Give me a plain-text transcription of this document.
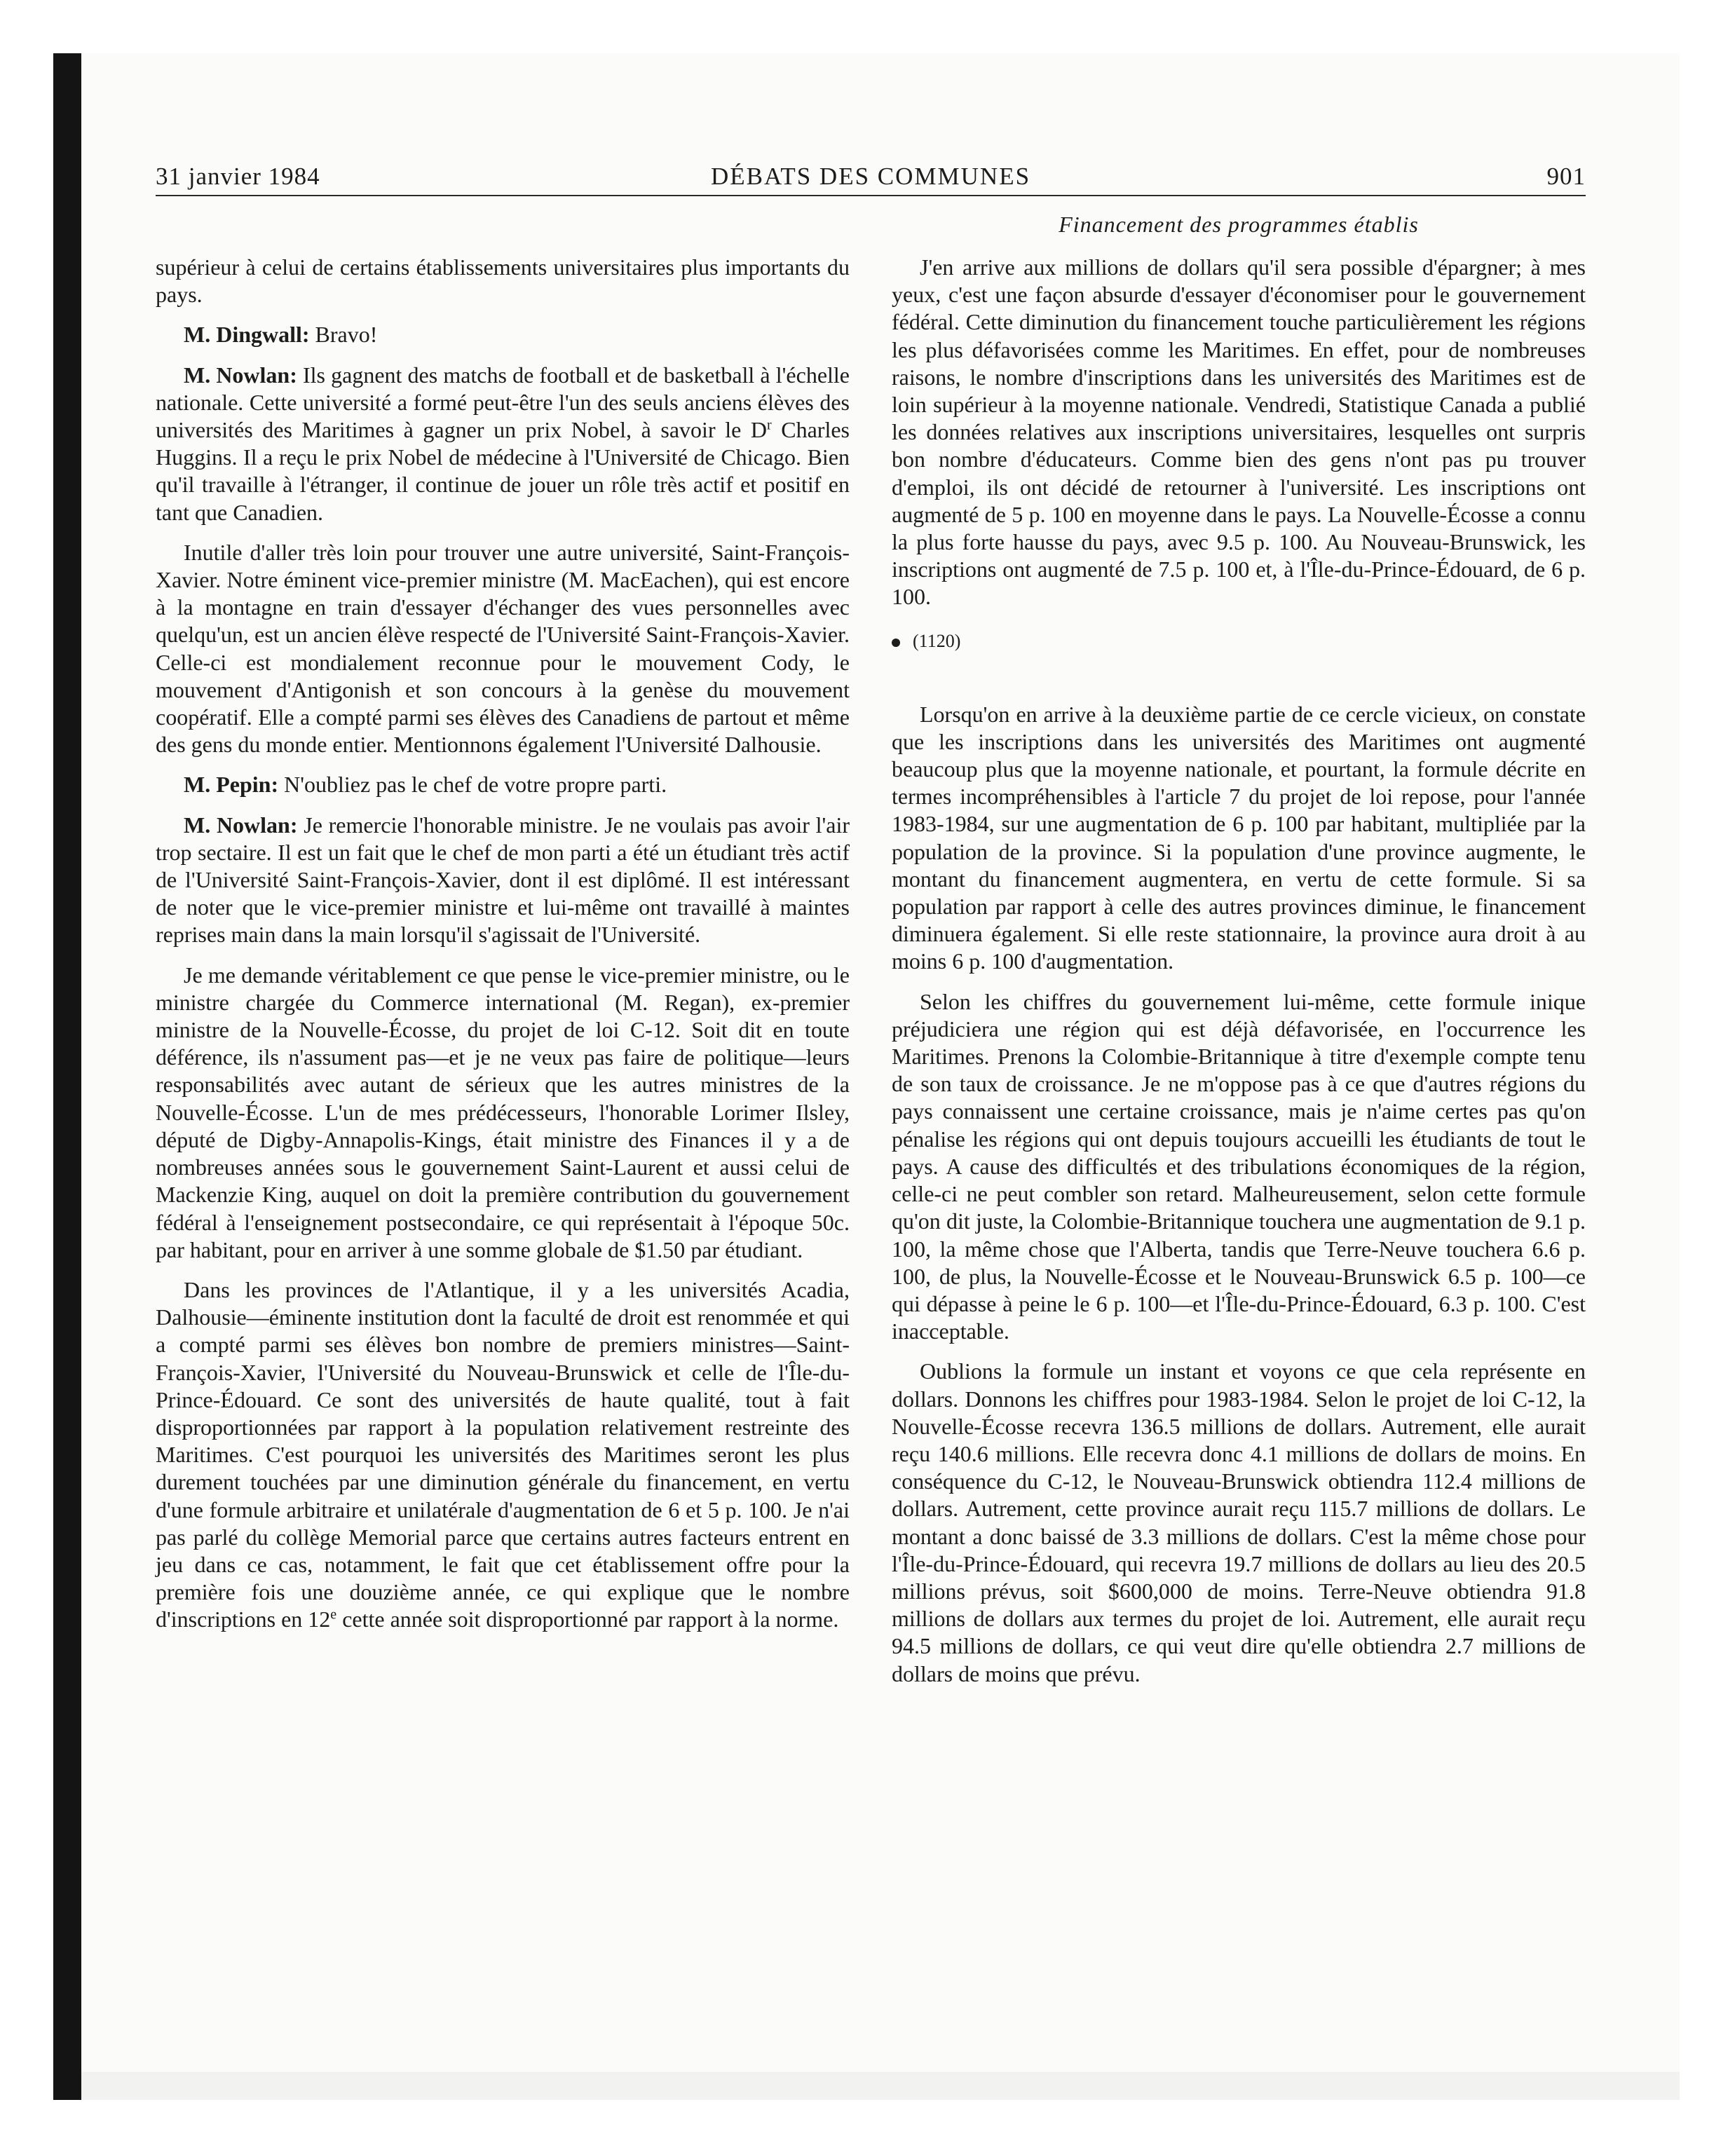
31 janvier 1984	DÉBATS DES COMMUNES	901
Financement des programmes établis

supérieur à celui de certains établissements universitaires plus importants du pays.

M. Dingwall: Bravo!

M. Nowlan: Ils gagnent des matchs de football et de basketball à l'échelle nationale. Cette université a formé peut-être l'un des seuls anciens élèves des universités des Maritimes à gagner un prix Nobel, à savoir le $D^r$ Charles Huggins. Il a reçu le prix Nobel de médecine à l'Université de Chicago. Bien qu'il travaille à l'étranger, il continue de jouer un rôle très actif et positif en tant que Canadien.

Inutile d'aller très loin pour trouver une autre université, Saint-François-Xavier. Notre éminent vice-premier ministre (M. MacEachen), qui est encore à la montagne en train d'essayer d'échanger des vues personnelles avec quelqu'un, est un ancien élève respecté de l'Université Saint-François-Xavier. Celle-ci est mondialement reconnue pour le mouvement Cody, le mouvement d'Antigonish et son concours à la genèse du mouvement coopératif. Elle a compté parmi ses élèves des Canadiens de partout et même des gens du monde entier. Mentionnons également l'Université Dalhousie.

M. Pepin: N'oubliez pas le chef de votre propre parti.

M. Nowlan: Je remercie l'honorable ministre. Je ne voulais pas avoir l'air trop sectaire. Il est un fait que le chef de mon parti a été un étudiant très actif de l'Université Saint-François-Xavier, dont il est diplômé. Il est intéressant de noter que le vice-premier ministre et lui-même ont travaillé à maintes reprises main dans la main lorsqu'il s'agissait de l'Université.

Je me demande véritablement ce que pense le vice-premier ministre, ou le ministre chargée du Commerce international (M. Regan), ex-premier ministre de la Nouvelle-Écosse, du projet de loi C-12. Soit dit en toute déférence, ils n'assument pas—et je ne veux pas faire de politique—leurs responsabilités avec autant de sérieux que les autres ministres de la Nouvelle-Écosse. L'un de mes prédécesseurs, l'honorable Lorimer Ilsley, député de Digby-Annapolis-Kings, était ministre des Finances il y a de nombreuses années sous le gouvernement Saint-Laurent et aussi celui de Mackenzie King, auquel on doit la première contribution du gouvernement fédéral à l'enseignement postsecondaire, ce qui représentait à l'époque 50c. par habitant, pour en arriver à une somme globale de $1.50 par étudiant.

Dans les provinces de l'Atlantique, il y a les universités Acadia, Dalhousie—éminente institution dont la faculté de droit est renommée et qui a compté parmi ses élèves bon nombre de premiers ministres—Saint-François-Xavier, l'Université du Nouveau-Brunswick et celle de l'Île-du-Prince-Édouard. Ce sont des universités de haute qualité, tout à fait disproportionnées par rapport à la population relativement restreinte des Maritimes. C'est pourquoi les universités des Maritimes seront les plus durement touchées par une diminution générale du financement, en vertu d'une formule arbitraire et unilatérale d'augmentation de 6 et 5 p. 100. Je n'ai pas parlé du collège Memorial parce que certains autres facteurs entrent en jeu dans ce cas, notamment, le fait que cet établissement offre pour la première fois une douzième année, ce qui explique que le nombre d'inscriptions en 12e cette année soit disproportionné par rapport à la norme.

J'en arrive aux millions de dollars qu'il sera possible d'épargner; à mes yeux, c'est une façon absurde d'essayer d'économiser pour le gouvernement fédéral. Cette diminution du financement touche particulièrement les régions les plus défavorisées comme les Maritimes. En effet, pour de nombreuses raisons, le nombre d'inscriptions dans les universités des Maritimes est de loin supérieur à la moyenne nationale. Vendredi, Statistique Canada a publié les données relatives aux inscriptions universitaires, lesquelles ont surpris bon nombre d'éducateurs. Comme bien des gens n'ont pas pu trouver d'emploi, ils ont décidé de retourner à l'université. Les inscriptions ont augmenté de 5 p. 100 en moyenne dans le pays. La Nouvelle-Écosse a connu la plus forte hausse du pays, avec 9.5 p. 100. Au Nouveau-Brunswick, les inscriptions ont augmenté de 7.5 p. 100 et, à l'Île-du-Prince-Édouard, de 6 p. 100.

(1120)

Lorsqu'on en arrive à la deuxième partie de ce cercle vicieux, on constate que les inscriptions dans les universités des Maritimes ont augmenté beaucoup plus que la moyenne nationale, et pourtant, la formule décrite en termes incompréhensibles à l'article 7 du projet de loi repose, pour l'année 1983-1984, sur une augmentation de 6 p. 100 par habitant, multipliée par la population de la province. Si la population d'une province augmente, le montant du financement augmentera, en vertu de cette formule. Si sa population par rapport à celle des autres provinces diminue, le financement diminuera également. Si elle reste stationnaire, la province aura droit à au moins 6 p. 100 d'augmentation.

Selon les chiffres du gouvernement lui-même, cette formule inique préjudiciera une région qui est déjà défavorisée, en l'occurrence les Maritimes. Prenons la Colombie-Britannique à titre d'exemple compte tenu de son taux de croissance. Je ne m'oppose pas à ce que d'autres régions du pays connaissent une certaine croissance, mais je n'aime certes pas qu'on pénalise les régions qui ont depuis toujours accueilli les étudiants de tout le pays. A cause des difficultés et des tribulations économiques de la région, celle-ci ne peut combler son retard. Malheureusement, selon cette formule qu'on dit juste, la Colombie-Britannique touchera une augmentation de 9.1 p. 100, la même chose que l'Alberta, tandis que Terre-Neuve touchera 6.6 p. 100, de plus, la Nouvelle-Écosse et le Nouveau-Brunswick 6.5 p. 100—ce qui dépasse à peine le 6 p. 100—et l'Île-du-Prince-Édouard, 6.3 p. 100. C'est inacceptable.

Oublions la formule un instant et voyons ce que cela représente en dollars. Donnons les chiffres pour 1983-1984. Selon le projet de loi C-12, la Nouvelle-Écosse recevra 136.5 millions de dollars. Autrement, elle aurait reçu 140.6 millions. Elle recevra donc 4.1 millions de dollars de moins. En conséquence du C-12, le Nouveau-Brunswick obtiendra 112.4 millions de dollars. Autrement, cette province aurait reçu 115.7 millions de dollars. Le montant a donc baissé de 3.3 millions de dollars. C'est la même chose pour l'Île-du-Prince-Édouard, qui recevra 19.7 millions de dollars au lieu des 20.5 millions prévus, soit $600,000 de moins. Terre-Neuve obtiendra 91.8 millions de dollars aux termes du projet de loi. Autrement, elle aurait reçu 94.5 millions de dollars, ce qui veut dire qu'elle obtiendra 2.7 millions de dollars de moins que prévu.
